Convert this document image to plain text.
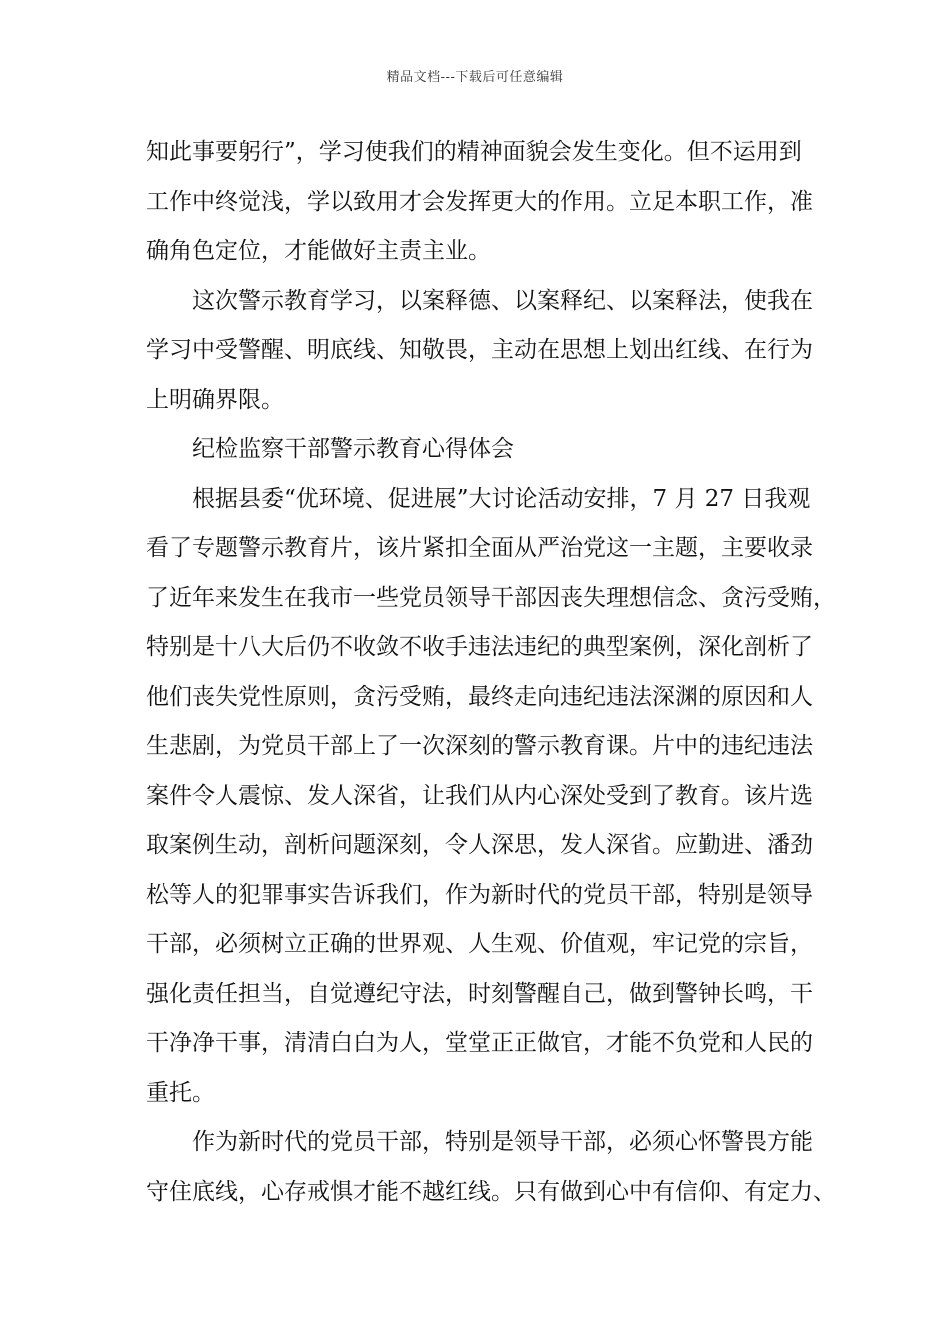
精品文档---下载后可任意编辑
知此事要躬行”，学习使我们的精神面貌会发生变化。但不运用到
工作中终觉浅，学以致用才会发挥更大的作用。立足本职工作，准
确角色定位，才能做好主责主业。
这次警示教育学习，以案释德、以案释纪、以案释法，使我在
学习中受警醒、明底线、知敬畏，主动在思想上划出红线、在行为
上明确界限。
纪检监察干部警示教育心得体会
根据县委“优环境、促进展”大讨论活动安排，7 月 27 日我观
看了专题警示教育片，该片紧扣全面从严治党这一主题，主要收录
了近年来发生在我市一些党员领导干部因丧失理想信念、贪污受贿，
特别是十八大后仍不收敛不收手违法违纪的典型案例，深化剖析了
他们丧失党性原则，贪污受贿，最终走向违纪违法深渊的原因和人
生悲剧，为党员干部上了一次深刻的警示教育课。片中的违纪违法
案件令人震惊、发人深省，让我们从内心深处受到了教育。该片选
取案例生动，剖析问题深刻，令人深思，发人深省。应勤进、潘劲
松等人的犯罪事实告诉我们，作为新时代的党员干部，特别是领导
干部，必须树立正确的世界观、人生观、价值观，牢记党的宗旨，
强化责任担当，自觉遵纪守法，时刻警醒自己，做到警钟长鸣，干
干净净干事，清清白白为人，堂堂正正做官，才能不负党和人民的
重托。
作为新时代的党员干部，特别是领导干部，必须心怀警畏方能
守住底线，心存戒惧才能不越红线。只有做到心中有信仰、有定力、
